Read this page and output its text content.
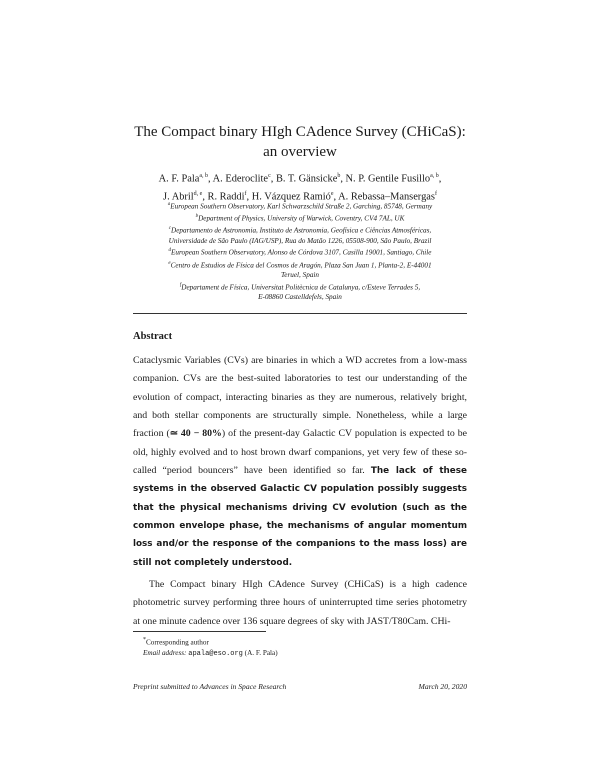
The Compact binary HIgh CAdence Survey (CHiCaS):
an overview
A. F. Pala$^{a, b}$, A. Ederoclite$^c$, B. T. Gänsicke$^b$, N. P. Gentile Fusillo$^{a, b}$,
J. Abril$^{d, e}$, R. Raddi$^f$, H. Vázquez Ramió$^e$, A. Rebassa–Mansergas$^f$
$^a$European Southern Observatory, Karl Schwarzschild Straße 2, Garching, 85748, Germany
$^b$Department of Physics, University of Warwick, Coventry, CV4 7AL, UK
$^c$Departamento de Astronomia, Instituto de Astronomia, Geofísica e Ciências Atmosféricas,
Universidade de São Paulo (IAG/USP), Rua do Matão 1226, 05508-900, São Paulo, Brazil
$^d$European Southern Observatory, Alonso de Córdova 3107, Casilla 19001, Santiago, Chile
$^e$Centro de Estudios de Física del Cosmos de Aragón, Plaza San Juan 1, Planta-2, E-44001
Teruel, Spain
$^f$Departament de Física, Universitat Politècnica de Catalunya, c/Esteve Terrades 5,
E-08860 Castelldefels, Spain
Abstract

Cataclysmic Variables (CVs) are binaries in which a WD accretes from a low-mass companion. CVs are the best-suited laboratories to test our understanding of the evolution of compact, interacting binaries as they are numerous, relatively bright, and both stellar components are structurally simple. Nonetheless, while a large fraction (≃ 40 − 80%) of the present-day Galactic CV population is expected to be old, highly evolved and to host brown dwarf companions, yet very few of these so-called “period bouncers” have been identified so far. The lack of these systems in the observed Galactic CV population possibly suggests that the physical mechanisms driving CV evolution (such as the common envelope phase, the mechanisms of angular momentum loss and/or the response of the companions to the mass loss) are still not completely understood.

The Compact binary HIgh CAdence Survey (CHiCaS) is a high cadence photometric survey performing three hours of uninterrupted time series photometry at one minute cadence over 136 square degrees of sky with JAST/T80Cam. CHi-

*Corresponding author
Email address: apala@eso.org (A. F. Pala)
Preprint submitted to Advances in Space Research	March 20, 2020
